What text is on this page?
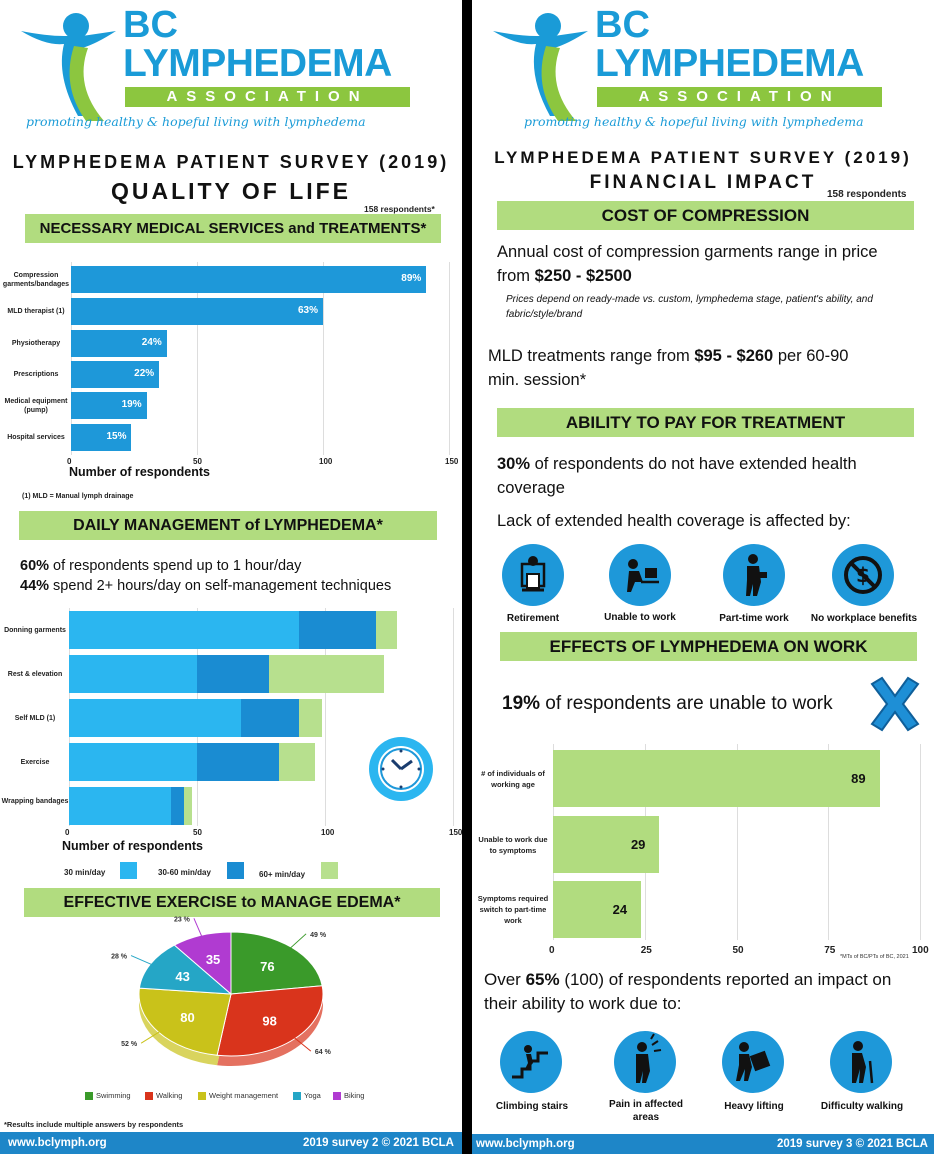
BC
LYMPHEDEMA
ASSOCIATION
promoting healthy & hopeful living with lymphedema
LYMPHEDEMA PATIENT SURVEY (2019)
QUALITY OF LIFE
158 respondents*
NECESSARY MEDICAL SERVICES and TREATMENTS*
0	50	100	150
Compression garments/bandages
89%
MLD therapist (1)	63%
Physiotherapy	24%
Prescriptions	22%
Medical equipment (pump)
19%
Hospital services	15%
Number of respondents
(1) MLD = Manual lymph drainage
DAILY MANAGEMENT of LYMPHEDEMA*
60% of respondents spend up to 1 hour/day
44% spend 2+ hours/day on self-management techniques
0	50	100	150
Donning garments
Rest & elevation
Self MLD (1)
Exercise
Wrapping bandages
Number of respondents
30 min/day	30-60 min/day	60+ min/day
EFFECTIVE EXERCISE to MANAGE EDEMA*
76
49 %
98
64 %
80
52 %
43
28 %	35
23 %
Swimming	Walking	Weight management	Yoga	Biking
*Results include multiple answers by respondents
www.bclymph.org	2019 survey 2 © 2021 BCLA
BC
LYMPHEDEMA
ASSOCIATION
promoting healthy & hopeful living with lymphedema
LYMPHEDEMA PATIENT SURVEY (2019)
FINANCIAL IMPACT
158 respondents
COST OF COMPRESSION
Annual cost of compression garments range in price
from $250 - $2500
Prices depend on ready-made vs. custom, lymphedema stage, patient's ability, and fabric/style/brand
MLD treatments range from $95 - $260 per 60-90
min. session*
ABILITY TO PAY FOR TREATMENT
30% of respondents do not have extended health
coverage
Lack of extended health coverage is affected by:
$
Retirement	Unable to work	Part-time work	No workplace benefits
EFFECTS OF LYMPHEDEMA ON WORK
19% of respondents are unable to work
0	25	50	75	100
# of individuals of working age	89
Unable to work due to symptoms	29
Symptoms required switch to part-time work
24
*MTs of BC/PTs of BC, 2021
Over 65% (100) of respondents reported an impact on
their ability to work due to:
Climbing stairs	Pain in affected areas
Heavy lifting	Difficulty walking
www.bclymph.org	2019 survey 3 © 2021 BCLA
